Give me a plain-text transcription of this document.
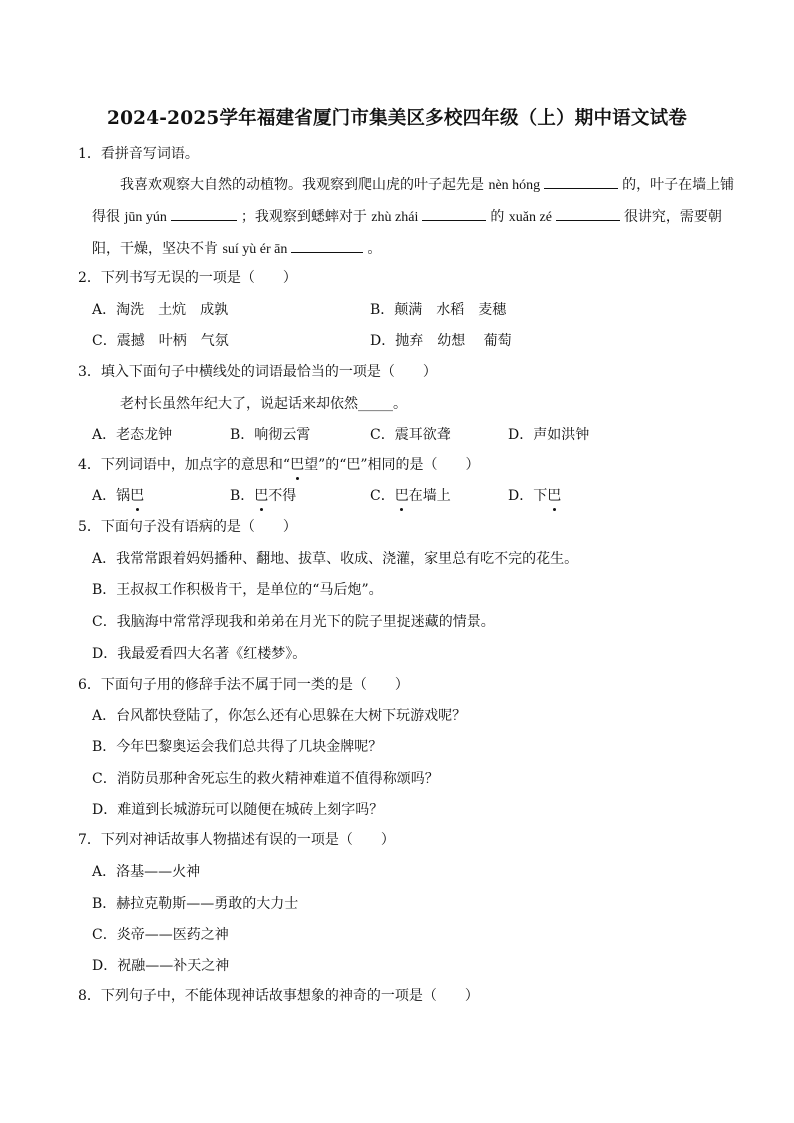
2024-2025学年福建省厦门市集美区多校四年级（上）期中语文试卷
1．看拼音写词语。
我喜欢观察大自然的动植物。我观察到爬山虎的叶子起先是 nèn hóng	的，叶子在墙上铺
得很 jūn yún	；我观察到蟋蟀对于 zhù zhái	的 xuǎn zé	很讲究，需要朝
阳，干燥，坚决不肯 suí yù ér ān	。
2．下列书写无误的一项是（　　）
A．淘洗　土炕　成孰	B．颠满　水稻　麦穗
C．震撼　叶柄　气氛	D．抛弃　幼想　 葡萄
3．填入下面句子中横线处的词语最恰当的一项是（　　）
老村长虽然年纪大了，说起话来却依然_____。
A．老态龙钟	B．响彻云霄	C．震耳欲聋	D．声如洪钟
4．下列词语中，加点字的意思和“巴望”的“巴”相同的是（　　）
A．锅巴	B．巴不得	C．巴在墙上	D．下巴
5．下面句子没有语病的是（　　）
A．我常常跟着妈妈播种、翻地、拔草、收成、浇灌，家里总有吃不完的花生。
B．王叔叔工作积极肯干，是单位的“马后炮”。
C．我脑海中常常浮现我和弟弟在月光下的院子里捉迷藏的情景。
D．我最爱看四大名著《红楼梦》。
6．下面句子用的修辞手法不属于同一类的是（　　）
A．台风都快登陆了，你怎么还有心思躲在大树下玩游戏呢？
B．今年巴黎奥运会我们总共得了几块金牌呢？
C．消防员那种舍死忘生的救火精神难道不值得称颂吗？
D．难道到长城游玩可以随便在城砖上刻字吗？
7．下列对神话故事人物描述有误的一项是（　　）
A．洛基——火神
B．赫拉克勒斯——勇敢的大力士
C．炎帝——医药之神
D．祝融——补天之神
8．下列句子中，不能体现神话故事想象的神奇的一项是（　　）
